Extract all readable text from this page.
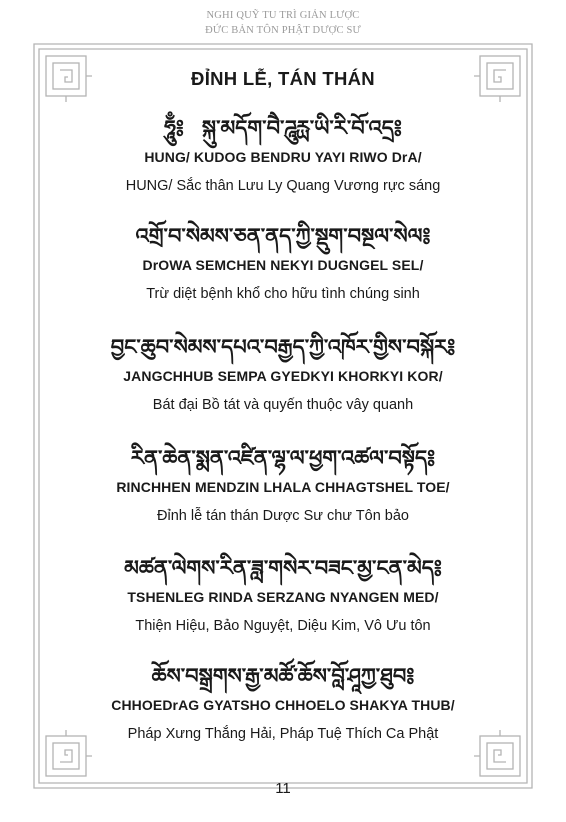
NGHI QUỸ TU TRÌ GIẢN LƯỢC
ĐỨC BẢN TÔN PHẬT DƯỢC SƯ
ĐỈNH LỄ, TÁN THÁN
ཧཱུྃ༔ སྐུ་མདོག་བཻ་ཌཱུརྻ་ཡི་རི་བོ་འདྲ༔
HUNG/ KUDOG BENDRU YAYI RIWO DrA/
HUNG/ Sắc thân Lưu Ly Quang Vương rực sáng
འགྲོ་བ་སེམས་ཅན་ནད་ཀྱི་སྡུག་བསྔལ་སེལ༔
DrOWA SEMCHEN NEKYI DUGNGEL SEL/
Trừ diệt bệnh khổ cho hữu tình chúng sinh
བྱང་ཆུབ་སེམས་དཔའ་བརྒྱད་ཀྱི་འཁོར་གྱིས་བསྐོར༔
JANGCHHUB SEMPA GYEDKYI KHORKYI KOR/
Bát đại Bồ tát và quyến thuộc vây quanh
རིན་ཆེན་སྨན་འཛིན་ལྷ་ལ་ཕྱག་འཚལ་བསྟོད༔
RINCHHEN MENDZIN LHALA CHHAGTSHEL TOE/
Đỉnh lễ tán thán Dược Sư chư Tôn bảo
མཚན་ལེགས་རིན་ཟླ་གསེར་བཟང་མྱ་ངན་མེད༔
TSHENLEG RINDA SERZANG NYANGEN MED/
Thiện Hiệu, Bảo Nguyệt, Diệu Kim, Vô Ưu tôn
ཆོས་བསྒྲགས་རྒྱ་མཚོ་ཆོས་བློ་ཤཱཀྱ་ཐུབ༔
CHHOEDrAG GYATSHO CHHOELO SHAKYA THUB/
Pháp Xưng Thắng Hải, Pháp Tuệ Thích Ca Phật
11
